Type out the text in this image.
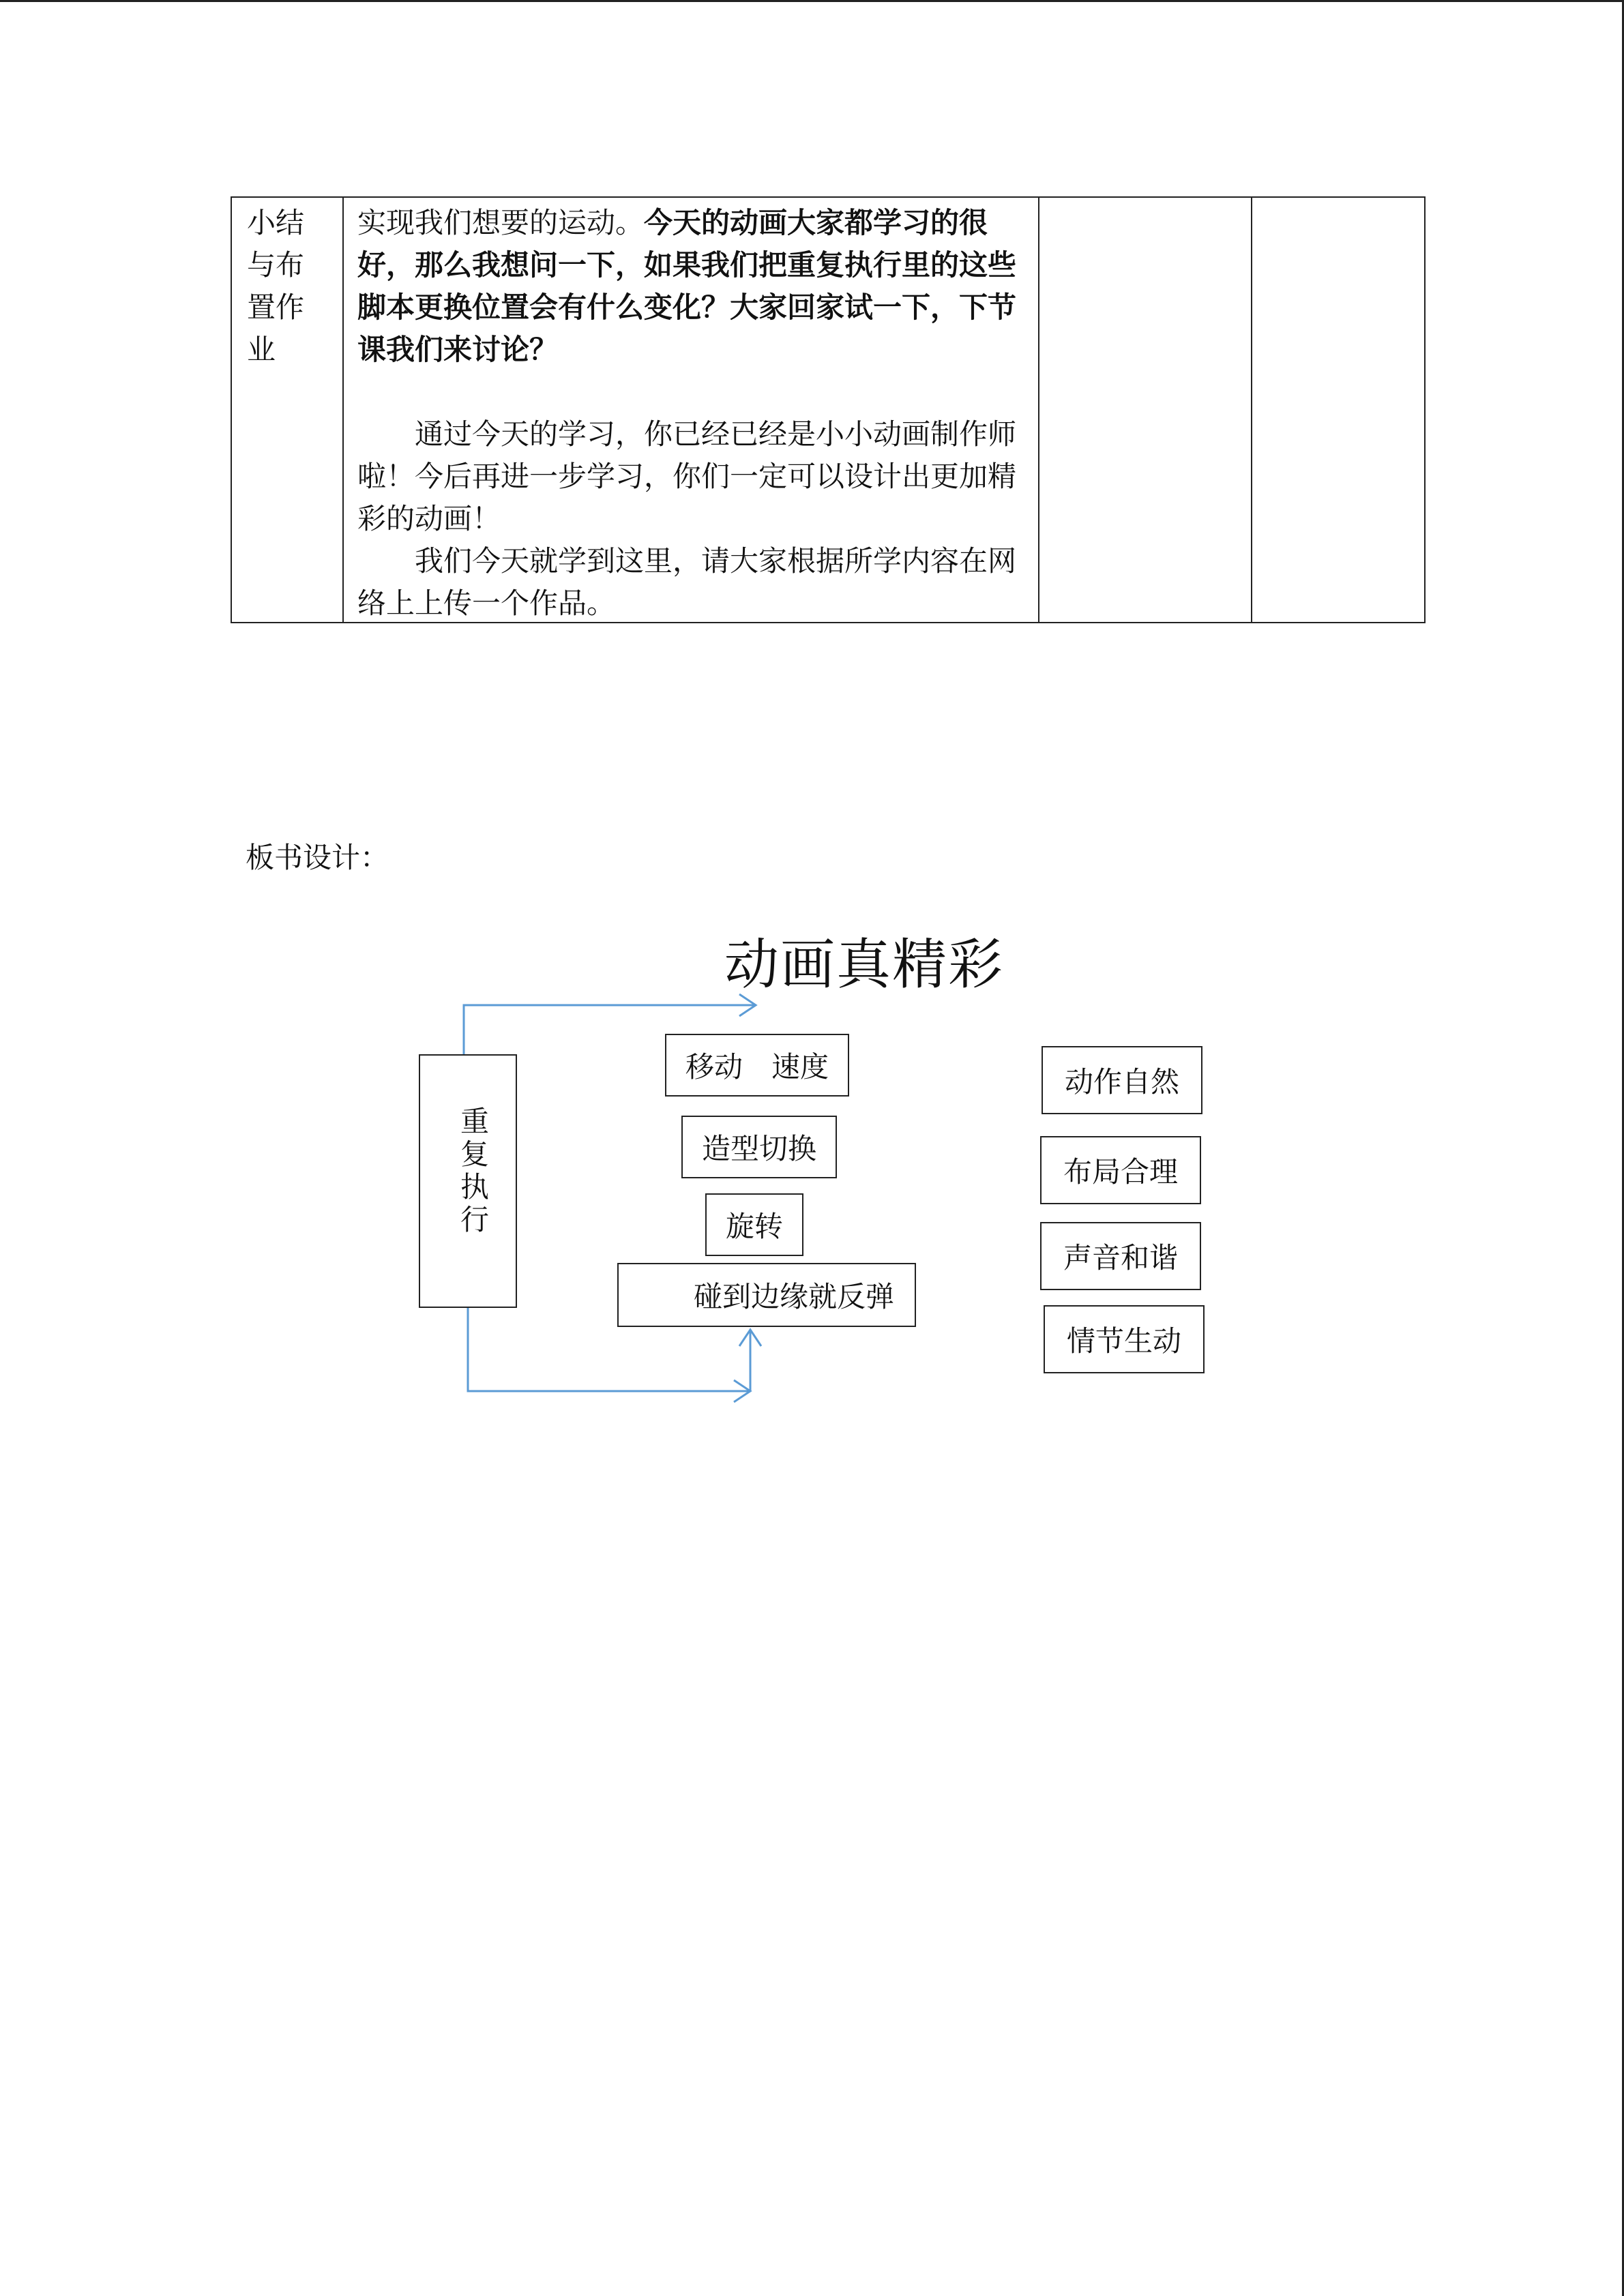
小结
与布
置作
业

实现我们想要的运动。今天的动画大家都学习的很

好，那么我想问一下，如果我们把重复执行里的这些

脚本更换位置会有什么变化？大家回家试一下，下节

课我们来讨论？

通过今天的学习，你已经已经是小小动画制作师

啦！今后再进一步学习，你们一定可以设计出更加精

彩的动画！

我们今天就学到这里，请大家根据所学内容在网

络上上传一个作品。

板书设计：
动画真精彩
重
复
执
行
移动　速度
造型切换
旋转
碰到边缘就反弹
动作自然
布局合理
声音和谐
情节生动
